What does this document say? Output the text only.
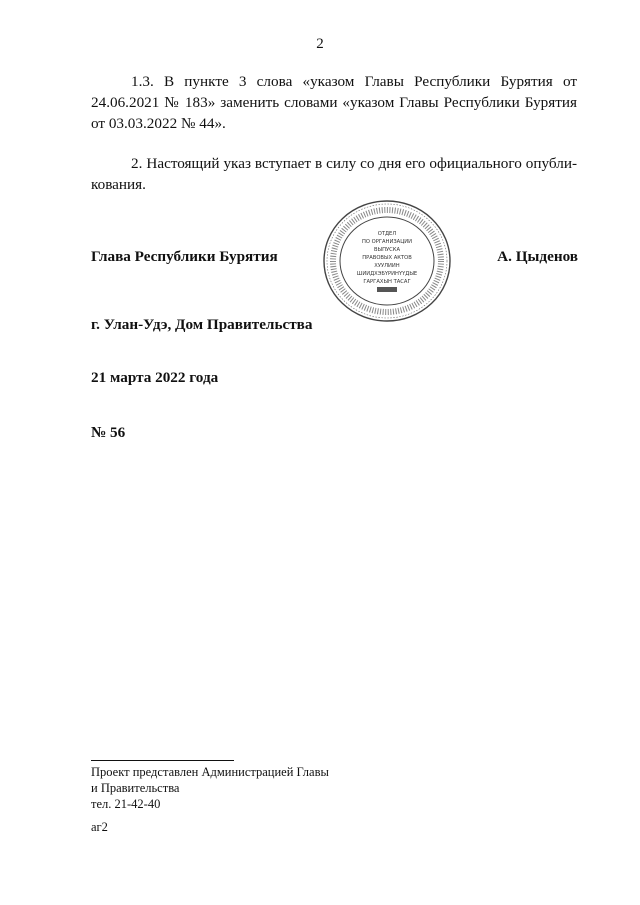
2

1.3. В пункте 3 слова «указом Главы Республики Бурятия от 24.06.2021 № 183» заменить словами «указом Главы Республики Бурятия от 03.03.2022 № 44».

2. Настоящий указ вступает в силу со дня его официального опубли-кования.

Глава Республики Бурятия	А. Цыденов
ОТДЕЛ
ПО ОРГАНИЗАЦИИ
ВЫПУСКА
ПРАВОВЫХ АКТОВ
ХУУЛИИН
ШИИДХЭБҮРИНҮҮДЫЕ
ГАРГАХЫН ТАСАГ
г. Улан-Удэ, Дом Правительства
21 марта 2022 года
№ 56
Проект представлен Администрацией Главы
и Правительства
тел. 21-42-40
аг2
